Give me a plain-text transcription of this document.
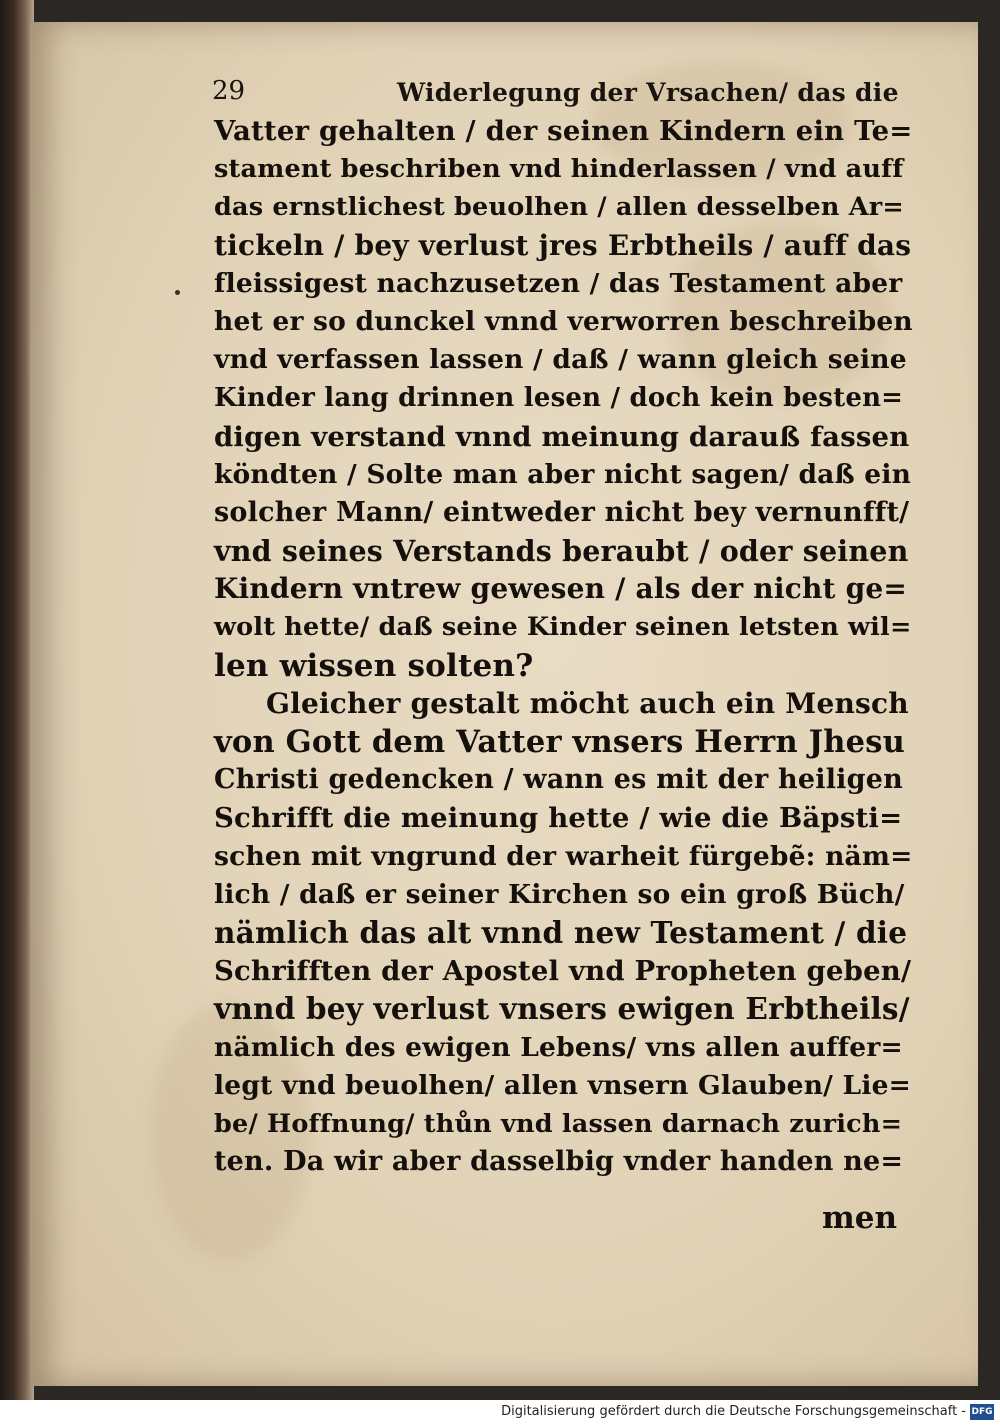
29	Widerlegung der Vrsachen/ das die
Vatter gehalten / der seinen Kindern ein Te=
stament beschriben vnd hinderlassen / vnd auff
das ernstlichest beuolhen / allen desselben Ar=
tickeln / bey verlust jres Erbtheils / auff das
fleissigest nachzusetzen / das Testament aber
het er so dunckel vnnd verworren beschreiben
vnd verfassen lassen / daß / wann gleich seine
Kinder lang drinnen lesen / doch kein besten=
digen verstand vnnd meinung darauß fassen
köndten / Solte man aber nicht sagen/ daß ein
solcher Mann/ eintweder nicht bey vernunfft/
vnd seines Verstands beraubt / oder seinen
Kindern vntrew gewesen / als der nicht ge=
wolt hette/ daß seine Kinder seinen letsten wil=
len wissen solten?
Gleicher gestalt möcht auch ein Mensch
von Gott dem Vatter vnsers Herrn Jhesu
Christi gedencken / wann es mit der heiligen
Schrifft die meinung hette / wie die Bäpsti=
schen mit vngrund der warheit fürgebẽ: näm=
lich / daß er seiner Kirchen so ein groß Büch/
nämlich das alt vnnd new Testament / die
Schrifften der Apostel vnd Propheten geben/
vnnd bey verlust vnsers ewigen Erbtheils/
nämlich des ewigen Lebens/ vns allen auffer=
legt vnd beuolhen/ allen vnsern Glauben/ Lie=
be/ Hoffnung/ thůn vnd lassen darnach zurich=
ten. Da wir aber dasselbig vnder handen ne=
men
Digitalisierung gefördert durch die Deutsche Forschungsgemeinschaft - DFG
